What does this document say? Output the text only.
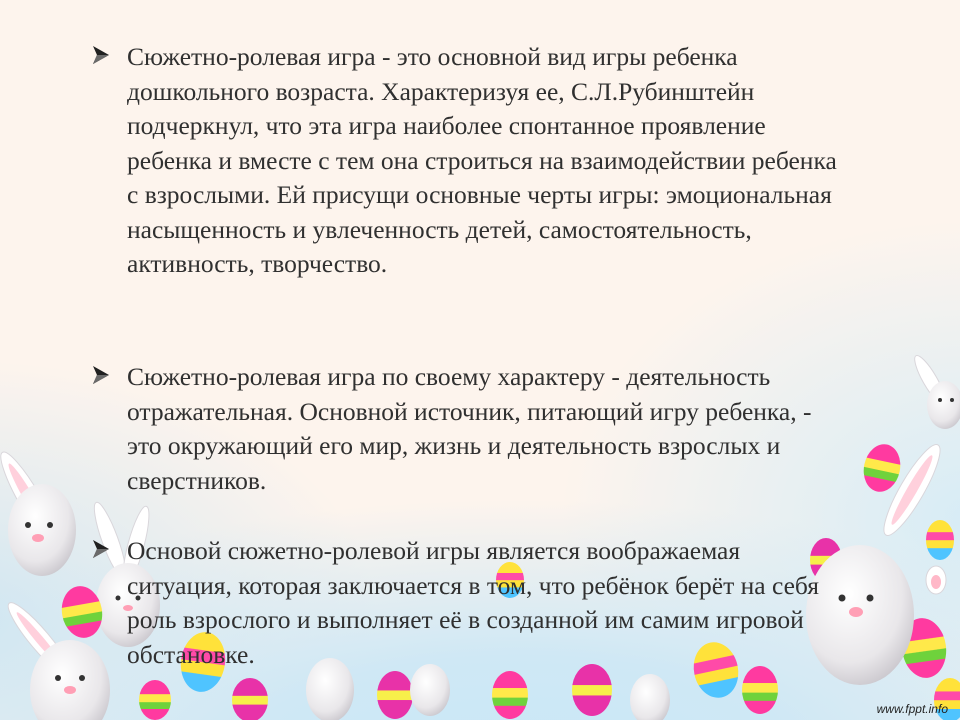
Сюжетно-ролевая игра - это основной вид игры ребенка дошкольного возраста. Характеризуя ее, С.Л.Рубинштейн подчеркнул, что эта игра наиболее спонтанное проявление ребенка и вместе с тем она строиться на взаимодействии ребенка с взрослыми. Ей присущи основные черты игры: эмоциональная насыщенность и увлеченность детей, самостоятельность, активность, творчество.

Сюжетно-ролевая игра по своему характеру - деятельность отражательная. Основной источник, питающий игру ребенка, - это окружающий его мир, жизнь и деятельность взрослых и сверстников.

Основой сюжетно-ролевой игры является воображаемая ситуация, которая заключается в том, что ребёнок берёт на себя роль взрослого и выполняет её в созданной им самим игровой обстановке.

www.fppt.info
